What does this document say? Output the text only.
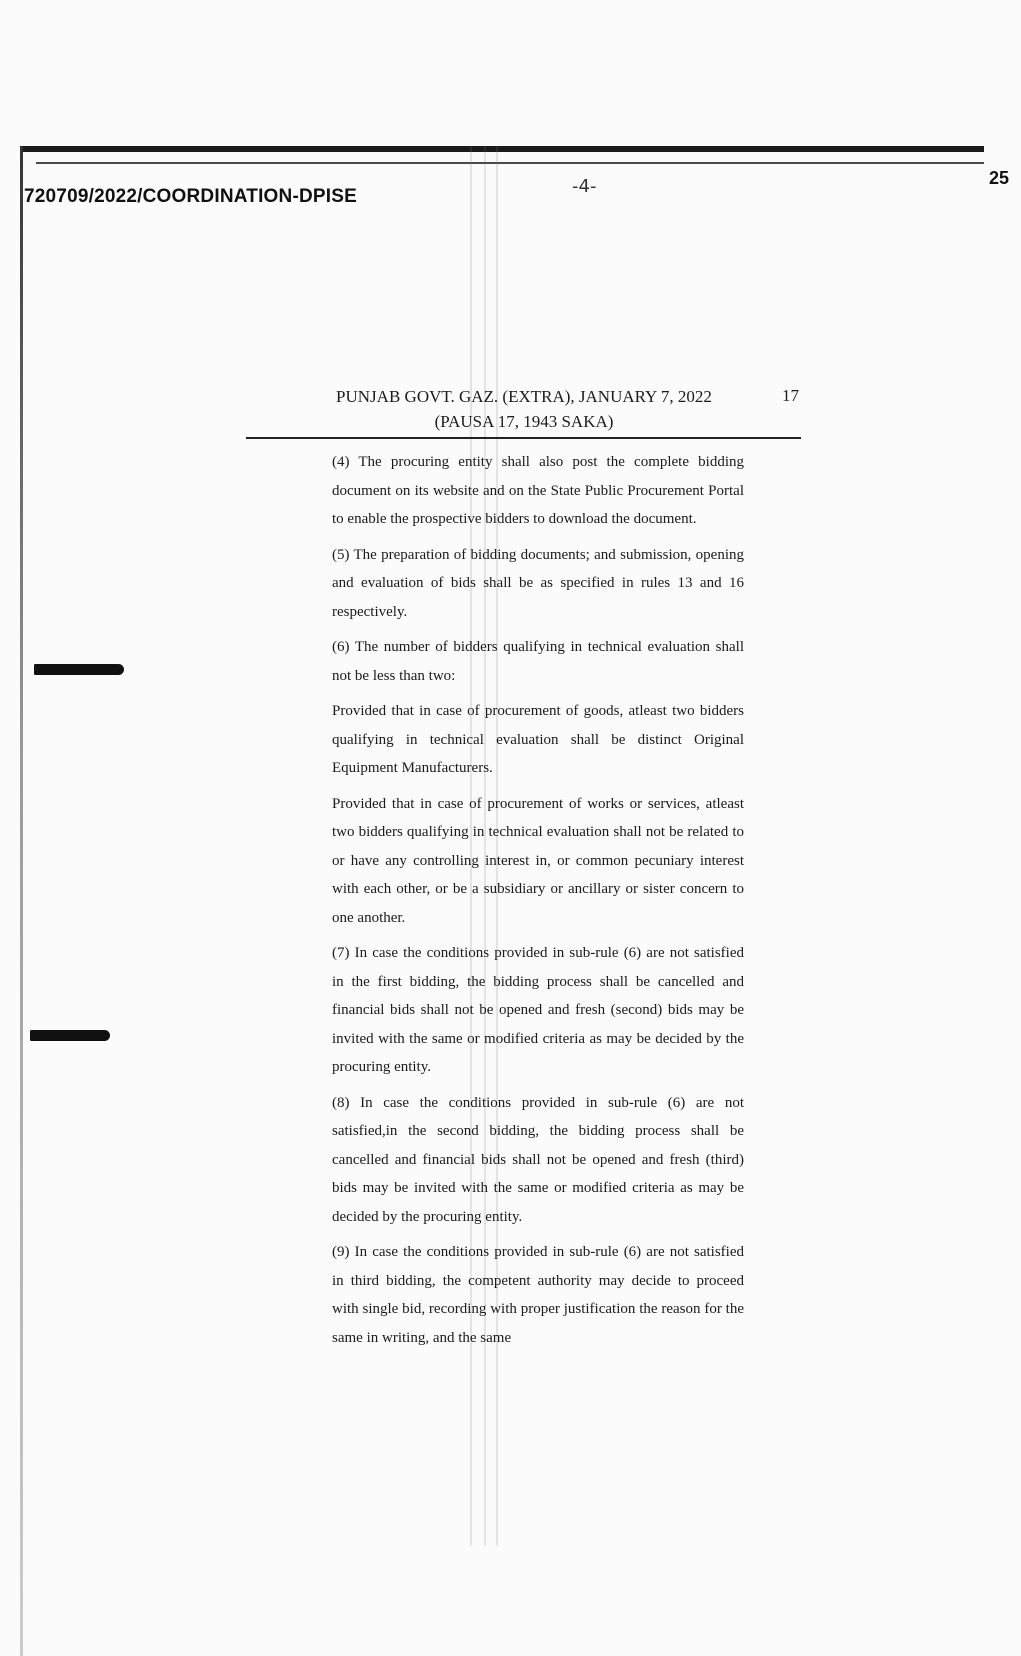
720709/2022/COORDINATION-DPISE	-4-	25
PUNJAB GOVT. GAZ. (EXTRA), JANUARY 7, 2022
(PAUSA 17, 1943 SAKA)
17

(4) The procuring entity shall also post the complete bidding document on its website and on the State Public Procurement Portal to enable the prospective bidders to download the document.

(5) The preparation of bidding documents; and submission, opening and evaluation of bids shall be as specified in rules 13 and 16 respectively.

(6) The number of bidders qualifying in technical evaluation shall not be less than two:

Provided that in case of procurement of goods, atleast two bidders qualifying in technical evaluation shall be distinct Original Equipment Manufacturers.

Provided that in case of procurement of works or services, atleast two bidders qualifying in technical evaluation shall not be related to or have any controlling interest in, or common pecuniary interest with each other, or be a subsidiary or ancillary or sister concern to one another.

(7) In case the conditions provided in sub-rule (6) are not satisfied in the first bidding, the bidding process shall be cancelled and financial bids shall not be opened and fresh (second) bids may be invited with the same or modified criteria as may be decided by the procuring entity.

(8) In case the conditions provided in sub-rule (6) are not satisfied,in the second bidding, the bidding process shall be cancelled and financial bids shall not be opened and fresh (third) bids may be invited with the same or modified criteria as may be decided by the procuring entity.

(9) In case the conditions provided in sub-rule (6) are not satisfied in third bidding, the competent authority may decide to proceed with single bid, recording with proper justification the reason for the same in writing, and the same
